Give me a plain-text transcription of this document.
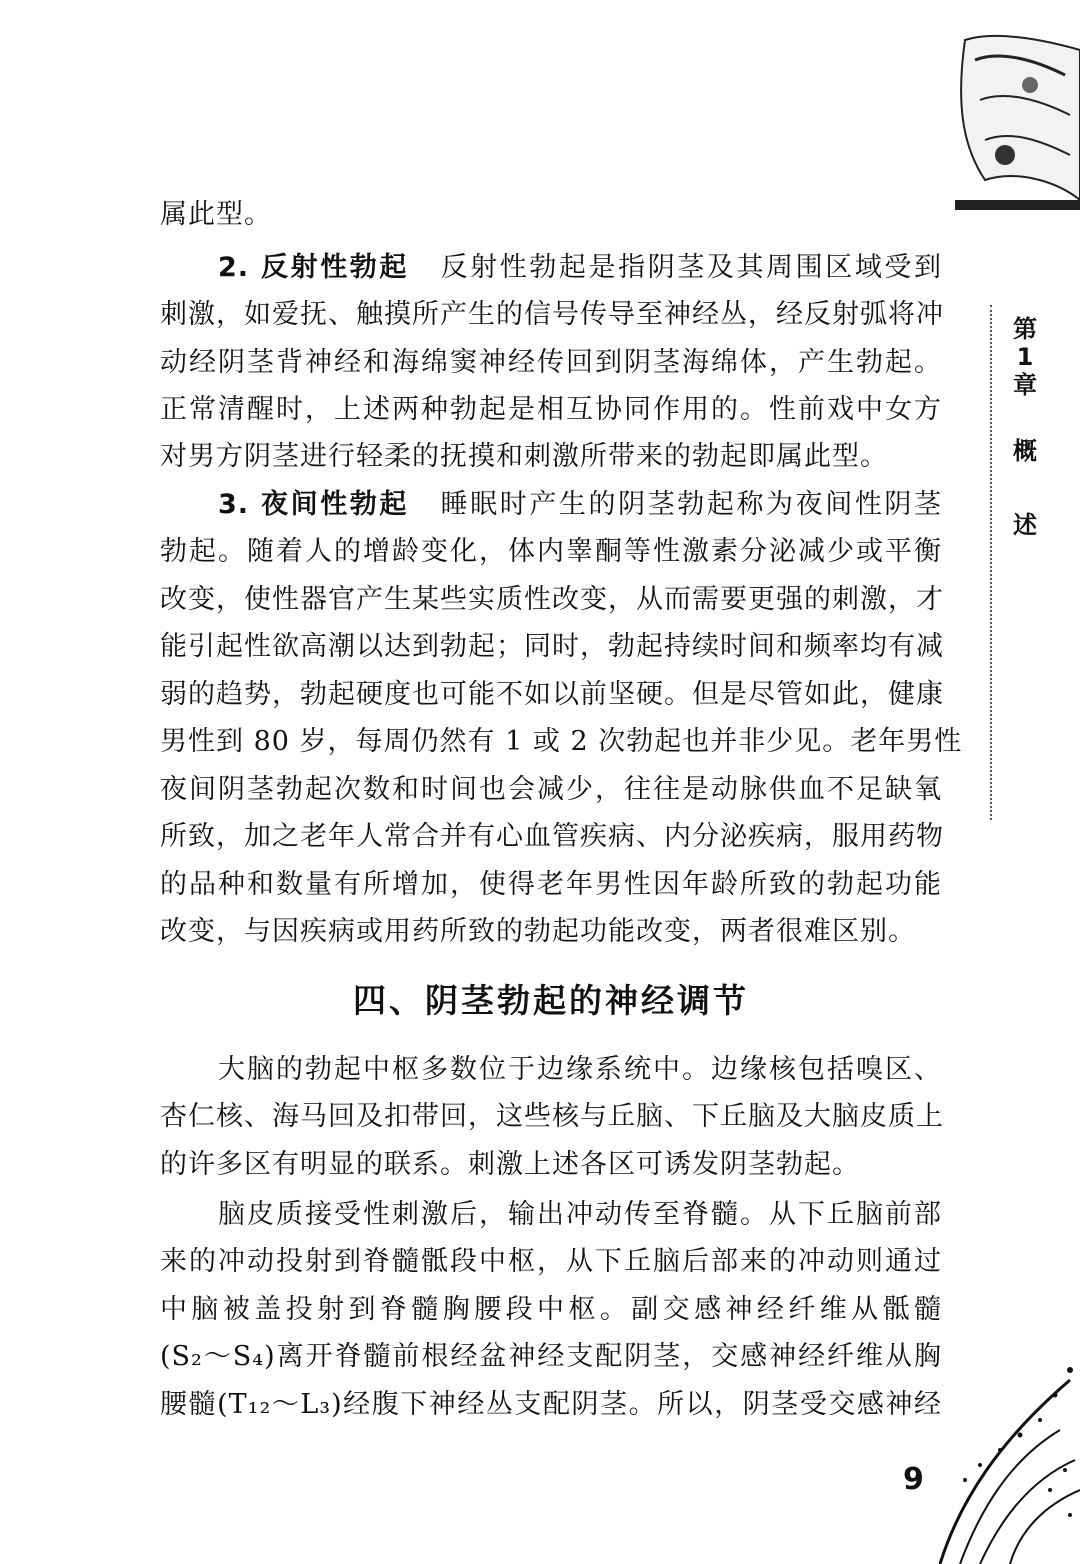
第
1
章
概
述
属此型。
2. 反射性勃起 反射性勃起是指阴茎及其周围区域受到
刺激，如爱抚、触摸所产生的信号传导至神经丛，经反射弧将冲
动经阴茎背神经和海绵窦神经传回到阴茎海绵体，产生勃起。
正常清醒时，上述两种勃起是相互协同作用的。性前戏中女方
对男方阴茎进行轻柔的抚摸和刺激所带来的勃起即属此型。
3. 夜间性勃起 睡眠时产生的阴茎勃起称为夜间性阴茎
勃起。随着人的增龄变化，体内睾酮等性激素分泌减少或平衡
改变，使性器官产生某些实质性改变，从而需要更强的刺激，才
能引起性欲高潮以达到勃起；同时，勃起持续时间和频率均有减
弱的趋势，勃起硬度也可能不如以前坚硬。但是尽管如此，健康
男性到 80 岁，每周仍然有 1 或 2 次勃起也并非少见。老年男性
夜间阴茎勃起次数和时间也会减少，往往是动脉供血不足缺氧
所致，加之老年人常合并有心血管疾病、内分泌疾病，服用药物
的品种和数量有所增加，使得老年男性因年龄所致的勃起功能
改变，与因疾病或用药所致的勃起功能改变，两者很难区别。
四、阴茎勃起的神经调节
大脑的勃起中枢多数位于边缘系统中。边缘核包括嗅区、
杏仁核、海马回及扣带回，这些核与丘脑、下丘脑及大脑皮质上
的许多区有明显的联系。刺激上述各区可诱发阴茎勃起。
脑皮质接受性刺激后，输出冲动传至脊髓。从下丘脑前部
来的冲动投射到脊髓骶段中枢，从下丘脑后部来的冲动则通过
中脑被盖投射到脊髓胸腰段中枢。副交感神经纤维从骶髓
(S₂～S₄)离开脊髓前根经盆神经支配阴茎，交感神经纤维从胸
腰髓(T₁₂～L₃)经腹下神经丛支配阴茎。所以，阴茎受交感神经
9
